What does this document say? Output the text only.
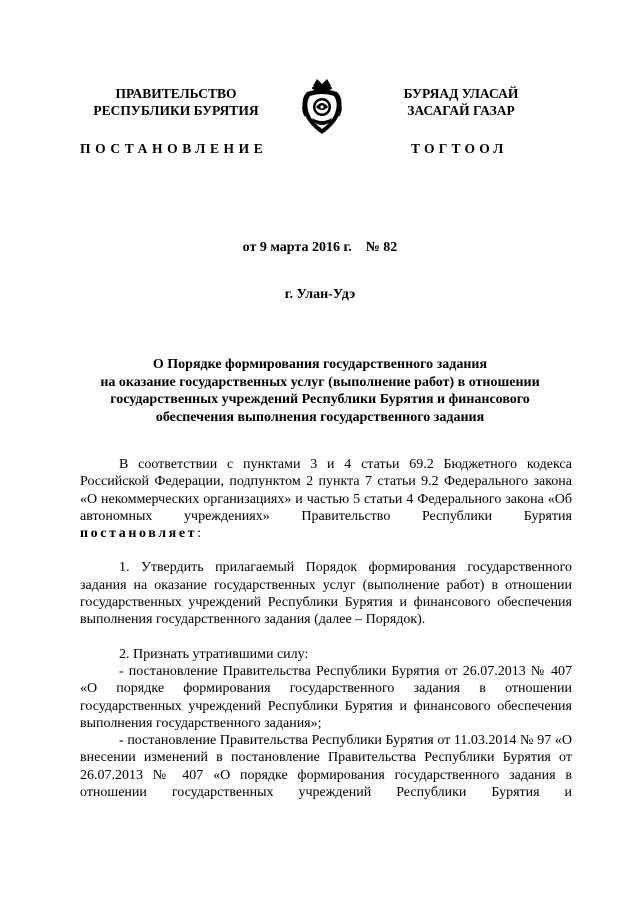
ПРАВИТЕЛЬСТВО
РЕСПУБЛИКИ БУРЯТИЯ
БУРЯАД УЛАСАЙ
ЗАСАГАЙ ГАЗАР
ПОСТАНОВЛЕНИЕ	ТОГТООЛ
от 9 марта 2016 г. № 82
г. Улан-Удэ
О Порядке формирования государственного задания
на оказание государственных услуг (выполнение работ) в отношении
государственных учреждений Республики Бурятия и финансового
обеспечения выполнения государственного задания

В соответствии с пунктами 3 и 4 статьи 69.2 Бюджетного кодекса Российской Федерации, подпунктом 2 пункта 7 статьи 9.2 Федерального закона «О некоммерческих организациях» и частью 5 статьи 4 Федерального закона «Об автономных учреждениях» Правительство Республики Бурятия постановляет:

1. Утвердить прилагаемый Порядок формирования государственного задания на оказание государственных услуг (выполнение работ) в отношении государственных учреждений Республики Бурятия и финансового обеспечения выполнения государственного задания (далее – Порядок).

2. Признать утратившими силу:

- постановление Правительства Республики Бурятия от 26.07.2013 № 407 «О порядке формирования государственного задания в отношении государственных учреждений Республики Бурятия и финансового обеспечения выполнения государственного задания»;

- постановление Правительства Республики Бурятия от 11.03.2014 № 97 «О внесении изменений в постановление Правительства Республики Бурятия от 26.07.2013 № 407 «О порядке формирования государственного задания в отношении государственных учреждений Республики Бурятия и
